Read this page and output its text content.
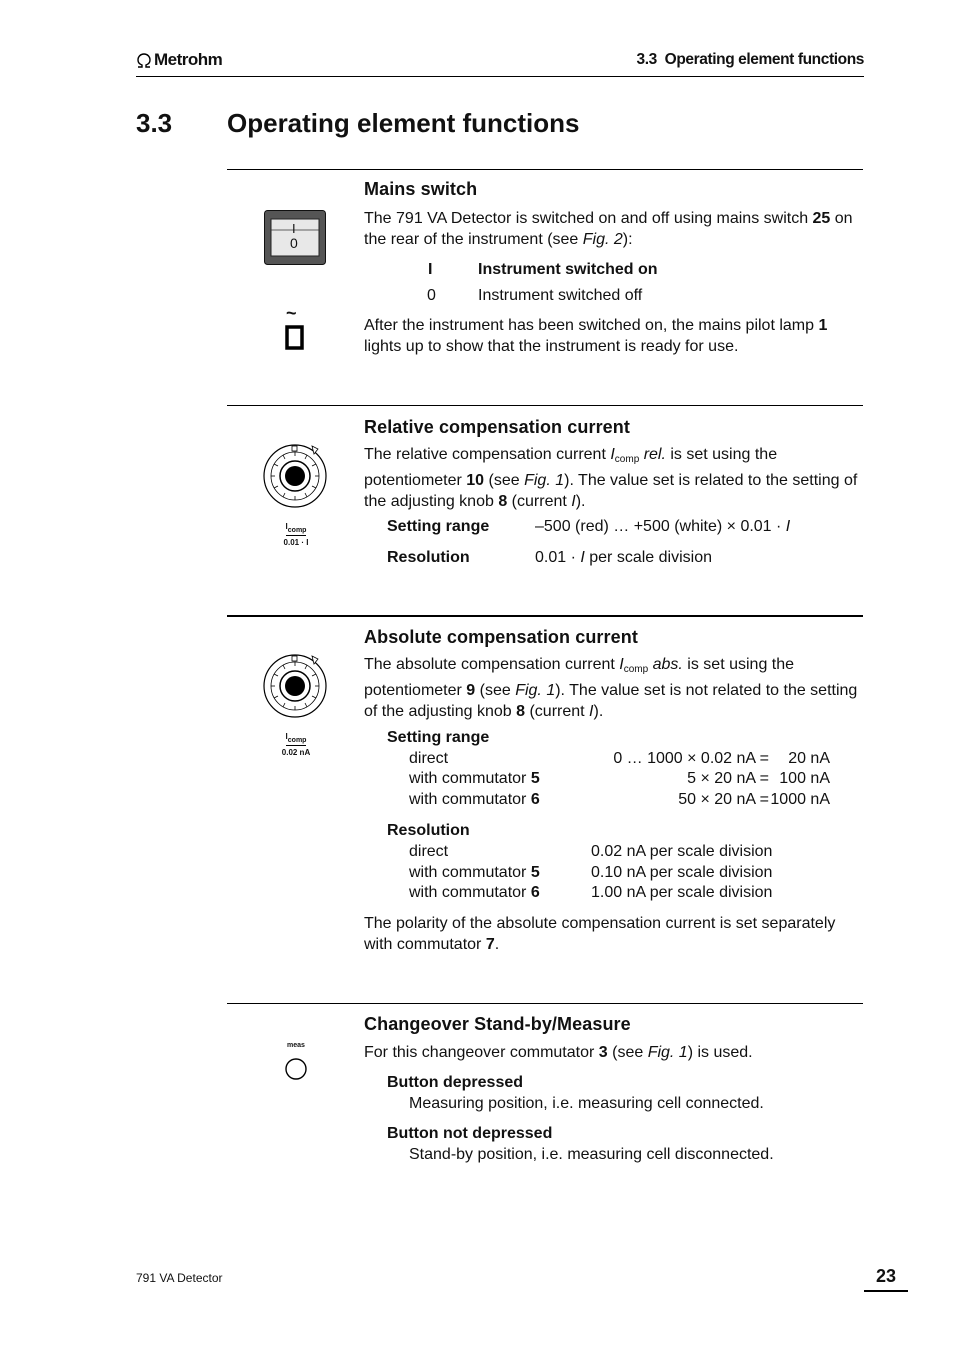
Metrohm	3.3  Operating element functions
3.3 Operating element functions
Mains switch
I
0
The 791 VA Detector is switched on and off using mains switch 25 on the rear of the instrument (see Fig. 2):
I	Instrument switched on
0	Instrument switched off
~
After the instrument has been switched on, the mains pilot lamp 1 lights up to show that the instrument is ready for use.
Relative compensation current
$I_{comp}$
0.01 · I
The relative compensation current $I_{comp}$ rel. is set using the potentiometer 10 (see Fig. 1). The value set is related to the setting of the adjusting knob 8 (current I).
Setting range	–500 (red) … +500 (white) × 0.01 · I
Resolution	0.01 · I per scale division
Absolute compensation current
$I_{comp}$
0.02 nA
The absolute compensation current $I_{comp}$ abs. is set using the potentiometer 9 (see Fig. 1). The value set is not related to the setting of the adjusting knob 8 (current I).
Setting range
direct	0 … 1000 × 0.02 nA = 20 nA
with commutator 5	5 × 20 nA = 100 nA
with commutator 6	50 × 20 nA = 1000 nA
Resolution
direct	0.02 nA per scale division
with commutator 5	0.10 nA per scale division
with commutator 6	1.00 nA per scale division
The polarity of the absolute compensation current is set separately with commutator 7.
Changeover Stand-by/Measure
meas	For this changeover commutator 3 (see Fig. 1) is used.
Button depressed
Measuring position, i.e. measuring cell connected.
Button not depressed
Stand-by position, i.e. measuring cell disconnected.
791 VA Detector	23
